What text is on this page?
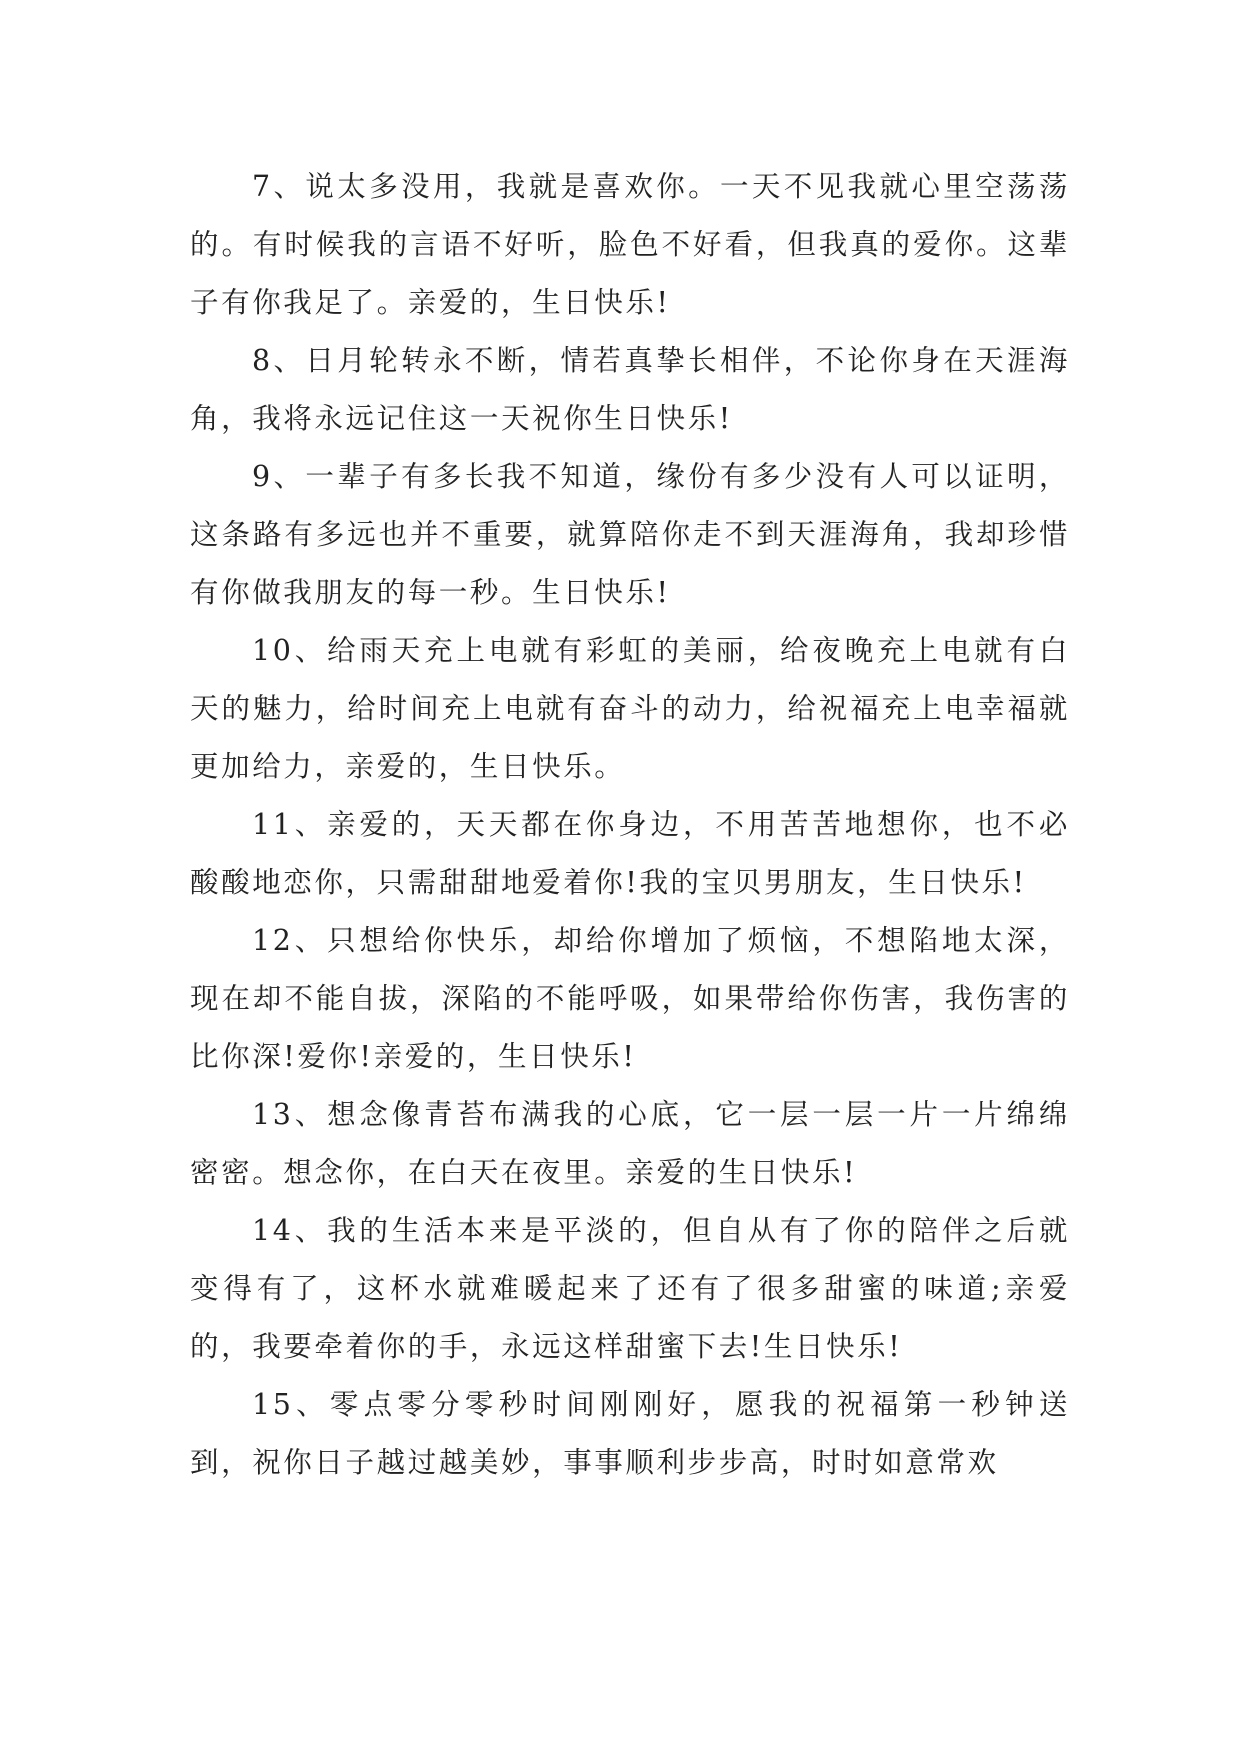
7、说太多没用，我就是喜欢你。一天不见我就心里空荡荡的。有时候我的言语不好听，脸色不好看，但我真的爱你。这辈子有你我足了。亲爱的，生日快乐!

8、日月轮转永不断，情若真挚长相伴，不论你身在天涯海角，我将永远记住这一天祝你生日快乐!

9、一辈子有多长我不知道，缘份有多少没有人可以证明，这条路有多远也并不重要，就算陪你走不到天涯海角，我却珍惜有你做我朋友的每一秒。生日快乐!

10、给雨天充上电就有彩虹的美丽，给夜晚充上电就有白天的魅力，给时间充上电就有奋斗的动力，给祝福充上电幸福就更加给力，亲爱的，生日快乐。

11、亲爱的，天天都在你身边，不用苦苦地想你，也不必酸酸地恋你，只需甜甜地爱着你!我的宝贝男朋友，生日快乐!

12、只想给你快乐，却给你增加了烦恼，不想陷地太深，现在却不能自拔，深陷的不能呼吸，如果带给你伤害，我伤害的比你深!爱你!亲爱的，生日快乐!

13、想念像青苔布满我的心底，它一层一层一片一片绵绵密密。想念你，在白天在夜里。亲爱的生日快乐!

14、我的生活本来是平淡的，但自从有了你的陪伴之后就变得有了，这杯水就难暖起来了还有了很多甜蜜的味道;亲爱的，我要牵着你的手，永远这样甜蜜下去!生日快乐!

15、零点零分零秒时间刚刚好，愿我的祝福第一秒钟送到，祝你日子越过越美妙，事事顺利步步高，时时如意常欢
